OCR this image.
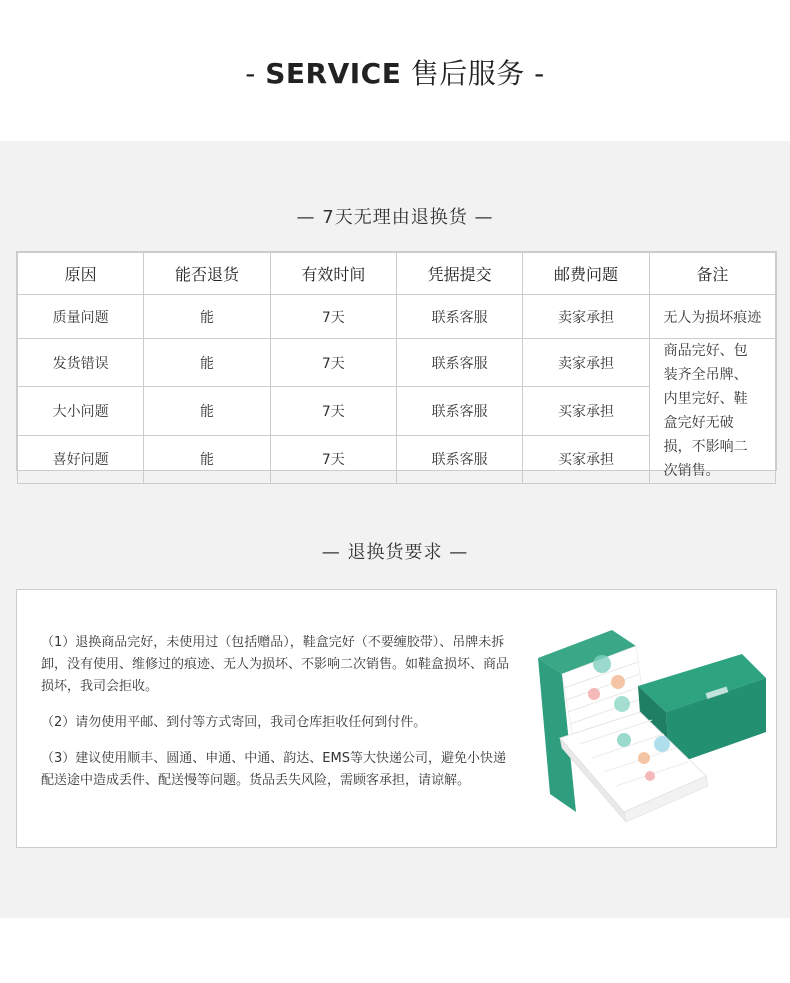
- SERVICE 售后服务 -
— 7天无理由退换货 —
原因	能否退货	有效时间	凭据提交	邮费问题	备注
质量问题	能	7天	联系客服	卖家承担	无人为损坏痕迹
发货错误	能	7天	联系客服	卖家承担	商品完好、包装齐全吊牌、内里完好、鞋盒完好无破损，不影响二次销售。
大小问题	能	7天	联系客服	买家承担	
喜好问题	能	7天	联系客服	买家承担	
— 退换货要求 —

（1）退换商品完好，未使用过（包括赠品），鞋盒完好（不要缠胶带）、吊牌未拆卸，没有使用、维修过的痕迹、无人为损坏、不影响二次销售。如鞋盒损坏、商品损坏，我司会拒收。

（2）请勿使用平邮、到付等方式寄回，我司仓库拒收任何到付件。

（3）建议使用顺丰、圆通、申通、中通、韵达、EMS等大快递公司，避免小快递配送途中造成丢件、配送慢等问题。货品丢失风险，需顾客承担，请谅解。
